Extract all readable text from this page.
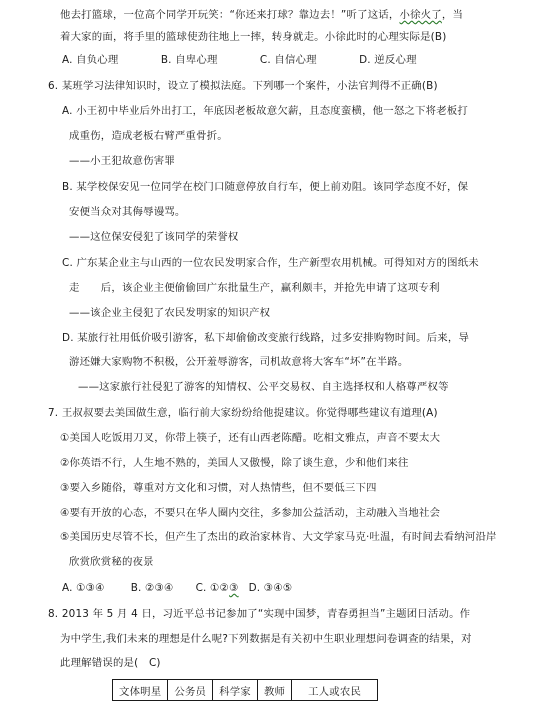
他去打篮球，一位高个同学开玩笑：“你还来打球？靠边去！”听了这话，小徐火了，当
着大家的面，将手里的篮球使劲往地上一摔，转身就走。小徐此时的心理实际是(B)
A. 自负心理　　　　B. 自卑心理　　　　C. 自信心理　　　　D. 逆反心理
6. 某班学习法律知识时，设立了模拟法庭。下列哪一个案件，小法官判得不正确(B)
A. 小王初中毕业后外出打工，年底因老板故意欠薪，且态度蛮横，他一怒之下将老板打
成重伤，造成老板右臂严重骨折。
——小王犯故意伤害罪
B. 某学校保安见一位同学在校门口随意停放自行车，便上前劝阻。该同学态度不好，保
安便当众对其侮辱谩骂。
——这位保安侵犯了该同学的荣誉权
C. 广东某企业主与山西的一位农民发明家合作，生产新型农用机械。可得知对方的图纸未
走　　后，该企业主便偷偷回广东批量生产，赢利颇丰，并抢先申请了这项专利
——该企业主侵犯了农民发明家的知识产权
D. 某旅行社用低价吸引游客，私下却偷偷改变旅行线路，过多安排购物时间。后来，导
游还嫌大家购物不积极，公开羞辱游客，司机故意将大客车“坏”在半路。
——这家旅行社侵犯了游客的知情权、公平交易权、自主选择权和人格尊严权等
7. 王叔叔要去美国做生意，临行前大家纷纷给他提建议。你觉得哪些建议有道理(A)
①美国人吃饭用刀叉，你带上筷子，还有山西老陈醋。吃相文雅点，声音不要太大
②你英语不行，人生地不熟的，美国人又傲慢，除了谈生意，少和他们来往
③要入乡随俗，尊重对方文化和习惯，对人热情些，但不要低三下四
④要有开放的心态，不要只在华人圈内交往，多参加公益活动，主动融入当地社会
⑤美国历史尽管不长，但产生了杰出的政治家林肯、大文学家马克·吐温，有时间去看纳河沿岸
欣赏欣赏秘的夜景
A. ①③④	B. ②③④ C. ①②③ D. ③④⑤
8. 2013 年 5 月 4 日，习近平总书记参加了“实现中国梦，青春勇担当”主题团日活动。作
为中学生,我们未来的理想是什么呢?下列数据是有关初中生职业理想问卷调查的结果，对
此理解错误的是(　C)
文体明星	公务员	科学家	教师	工人或农民
